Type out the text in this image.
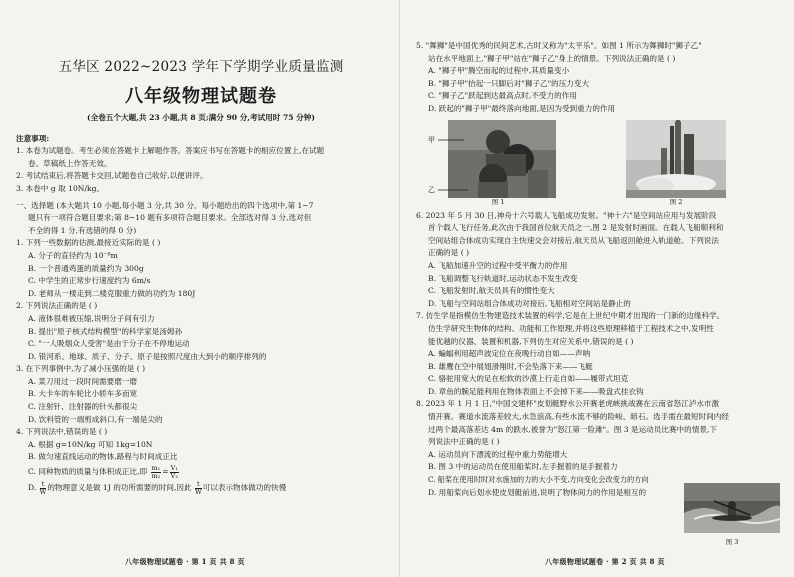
五华区 2022~2023 学年下学期学业质量监测
八年级物理试题卷
(全卷五个大题,共 23 小题,共 8 页;满分 90 分,考试用时 75 分钟)
注意事项:
1. 本卷为试题卷。考生必须在答题卡上解题作答。答案应书写在答题卡的相应位置上,在试题
卷、草稿纸上作答无效。
2. 考试结束后,将答题卡交回,试题卷自己收好,以便讲评。
3. 本卷中 g 取 10N/kg。
一、选择题 (本大题共 10 小题,每小题 3 分,共 30 分。每小题给出的四个选项中,第 1~7
题只有一项符合题目要求;第 8~10 题有多项符合题目要求。全部选对得 3 分,选对但
不全的得 1 分,有选错的得 0 分)
1. 下列一些数据的估测,最接近实际的是 ( )
A. 分子的直径约为 10⁻⁸m
B. 一个普通鸡蛋的质量约为 300g
C. 中学生的正常步行速度约为 6m/s
D. 老师从一楼走到二楼克服重力做的功约为 180J
2. 下列说法正确的是 ( )
A. 液体很难被压缩,说明分子间有引力
B. 提出"原子核式结构模型"的科学家是汤姆孙
C. "一人吸烟众人受害"是由于分子在不停地运动
D. 银河系、地球、质子、分子、原子是按照尺度由大到小的顺序排列的
3. 在下列事例中,为了减小压强的是 ( )
A. 菜刀用过一段时间需要磨一磨
B. 大卡车的车轮比小轿车多而宽
C. 注射针、注射器的针头都很尖
D. 饮料管的一端剪成斜口,有一端是尖的
4. 下列说法中,错误的是 ( )
A. 根据 g=10N/kg 可知 1kg=10N
B. 做匀速直线运动的物体,路程与时间成正比
C. 同种物质的质量与体积成正比,即 $\frac{\text{m₁}}{\text{m₂}} = \frac{\text{V₁}}{\text{V₂}}$
D. $\frac{t}{W}$ 的物理意义是做 1J 的功所需要的时间,因此 $\frac{t}{W}$ 可以表示物体做功的快慢
八年级物理试题卷 · 第 1 页 共 8 页
5. "舞狮"是中国优秀的民间艺术,古时又称为"太平乐"。如图 1 所示为舞狮时"狮子乙"
站在水平地面上,"狮子甲"站在"狮子乙"身上的情景。下列说法正确的是 ( )
A. "狮子甲"腾空而起的过程中,其质量变小
B. "狮子甲"抬起一只脚后对"狮子乙"的压力变大
C. "狮子乙"跃起到达最高点时,不受力的作用
D. 跃起的"狮子甲"最终落向地面,是因为受到重力的作用
甲
乙
图 1	图 2
6. 2023 年 5 月 30 日,神舟十六号载人飞船成功发射。"神十六"是空间站应用与发展阶段
首个载人飞行任务,此次由于我国首位航天员之一,图 2 是发射时画面。在载人飞船顺利和
空间站组合体成功实现自主快速交会对接后,航天员从飞船返回舱进入轨道舱。下列说法
正确的是 ( )
A. 飞船加速升空的过程中受平衡力的作用
B. 飞船调整飞行轨道时,运动状态不发生改变
C. 飞船发射时,航天员具有的惯性变大
D. 飞船与空间站组合体成功对接后,飞船相对空间站是静止的
7. 仿生学是指模仿生物建造技术装置的科学,它是在上世纪中期才出现的一门新的边缘科学。
仿生学研究生物体的结构、功能和工作原理,并将这些原理移植于工程技术之中,发明性
能优越的仪器、装置和机器,下列仿生对应关系中,错误的是 ( )
A. 蝙蝠利用超声波定位在夜晚行动自如——声呐
B. 雄鹰在空中展翅滑翔时,不会坠落下来——飞艇
C. 骆驼用宽大的足在松软的沙漠上行走自如——履带式坦克
D. 章鱼的腕足能利用在物体表面上不会掉下来——吸盘式挂衣钩
8. 2023 年 1 月 1 日,"中国交建杯"皮划艇野水公开赛老虎峡挑战赛在云南省怒江泸水市激
情开赛。赛道水流落差较大,水急浪高,有些水流不够的险峻、暗石。选手需在最短时间内经
过两个最高落差达 4m 的跌水,被誉为"怒江第一险滩"。图 3 是运动员比赛中的情景,下
列说法中正确的是 ( )
A. 运动员向下漂流的过程中重力势能增大
B. 图 3 中的运动员在使用船桨时,左手握着的是手握着力
C. 船桨在使用时时对水施加的力的大小不变,方向变化会改变力的方向
D. 用船桨向后划水使皮划艇前进,说明了物体间力的作用是相互的
图 3
八年级物理试题卷 · 第 2 页 共 8 页
